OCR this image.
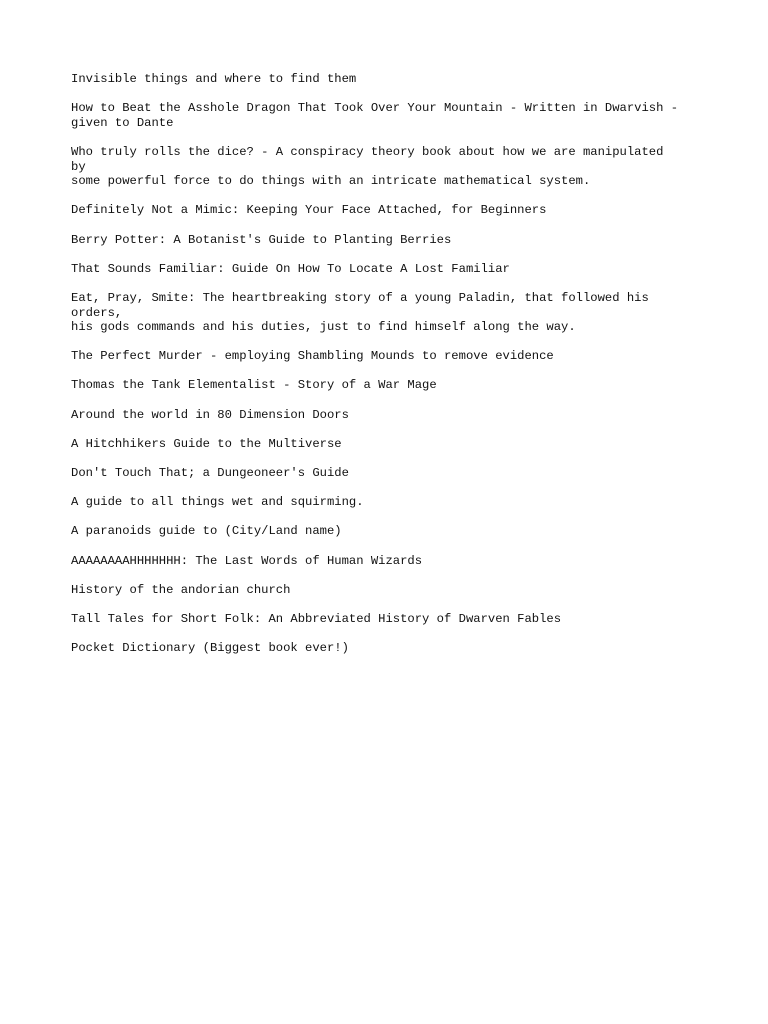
Invisible things and where to find them
How to Beat the Asshole Dragon That Took Over Your Mountain - Written in Dwarvish -
given to Dante
Who truly rolls the dice? - A conspiracy theory book about how we are manipulated
by
some powerful force to do things with an intricate mathematical system.
Definitely Not a Mimic: Keeping Your Face Attached, for Beginners
Berry Potter: A Botanist's Guide to Planting Berries
That Sounds Familiar: Guide On How To Locate A Lost Familiar
Eat, Pray, Smite: The heartbreaking story of a young Paladin, that followed his
orders,
his gods commands and his duties, just to find himself along the way.
The Perfect Murder - employing Shambling Mounds to remove evidence
Thomas the Tank Elementalist - Story of a War Mage
Around the world in 80 Dimension Doors
A Hitchhikers Guide to the Multiverse
Don't Touch That; a Dungeoneer's Guide
A guide to all things wet and squirming.
A paranoids guide to (City/Land name)
AAAAAAAAHHHHHHH: The Last Words of Human Wizards
History of the andorian church
Tall Tales for Short Folk: An Abbreviated History of Dwarven Fables
Pocket Dictionary (Biggest book ever!)
